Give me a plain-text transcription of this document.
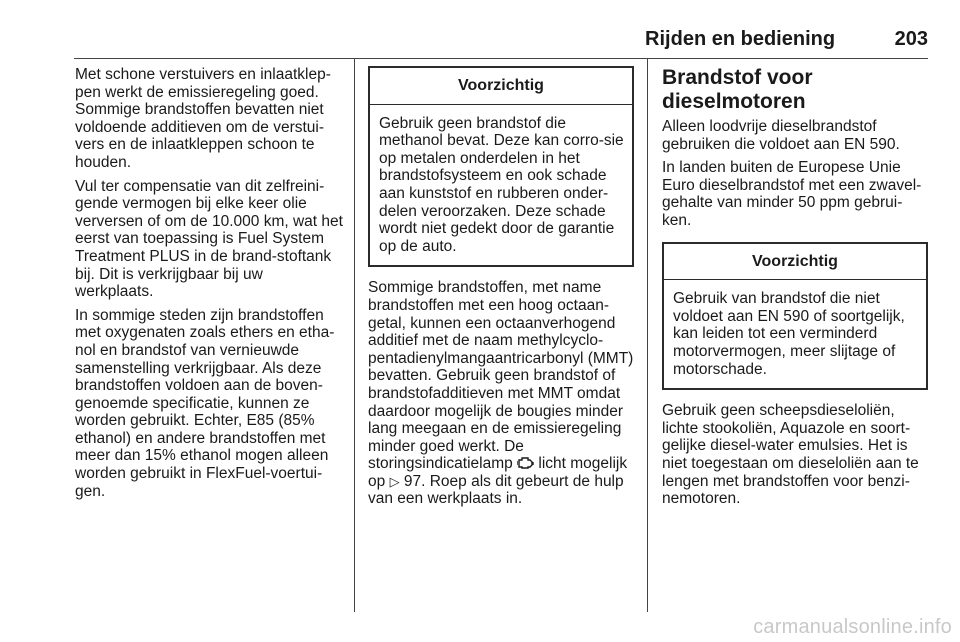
Rijden en bediening	203

Met schone verstuivers en inlaatklep-pen werkt de emissieregeling goed. Sommige brandstoffen bevatten niet voldoende additieven om de verstui-vers en de inlaatkleppen schoon te houden.

Vul ter compensatie van dit zelfreini-gende vermogen bij elke keer olie verversen of om de 10.000 km, wat het eerst van toepassing is Fuel System Treatment PLUS in de brand-stoftank bij. Dit is verkrijgbaar bij uw werkplaats.

In sommige steden zijn brandstoffen met oxygenaten zoals ethers en etha-nol en brandstof van vernieuwde samenstelling verkrijgbaar. Als deze brandstoffen voldoen aan de boven-genoemde specificatie, kunnen ze worden gebruikt. Echter, E85 (85% ethanol) en andere brandstoffen met meer dan 15% ethanol mogen alleen worden gebruikt in FlexFuel-voertui-gen.

Voorzichtig
Gebruik geen brandstof die methanol bevat. Deze kan corro-sie op metalen onderdelen in het brandstofsysteem en ook schade aan kunststof en rubberen onder-delen veroorzaken. Deze schade wordt niet gedekt door de garantie op de auto.

Sommige brandstoffen, met name brandstoffen met een hoog octaan-getal, kunnen een octaanverhogend additief met de naam methylcyclo-pentadienylmangaantricarbonyl (MMT) bevatten. Gebruik geen brandstof of brandstofadditieven met MMT omdat daardoor mogelijk de bougies minder lang meegaan en de emissieregeling minder goed werkt. De storingsindicatielamp  licht mogelijk op ▷ 97. Roep als dit gebeurt de hulp van een werkplaats in.

Brandstof voor dieselmotoren

Alleen loodvrije dieselbrandstof gebruiken die voldoet aan EN 590.

In landen buiten de Europese Unie Euro dieselbrandstof met een zwavel-gehalte van minder 50 ppm gebrui-ken.

Voorzichtig
Gebruik van brandstof die niet voldoet aan EN 590 of soortgelijk, kan leiden tot een verminderd motorvermogen, meer slijtage of motorschade.

Gebruik geen scheepsdieseloliën, lichte stookoliën, Aquazole en soort-gelijke diesel-water emulsies. Het is niet toegestaan om dieseloliën aan te lengen met brandstoffen voor benzi-nemotoren.

carmanualsonline.info
